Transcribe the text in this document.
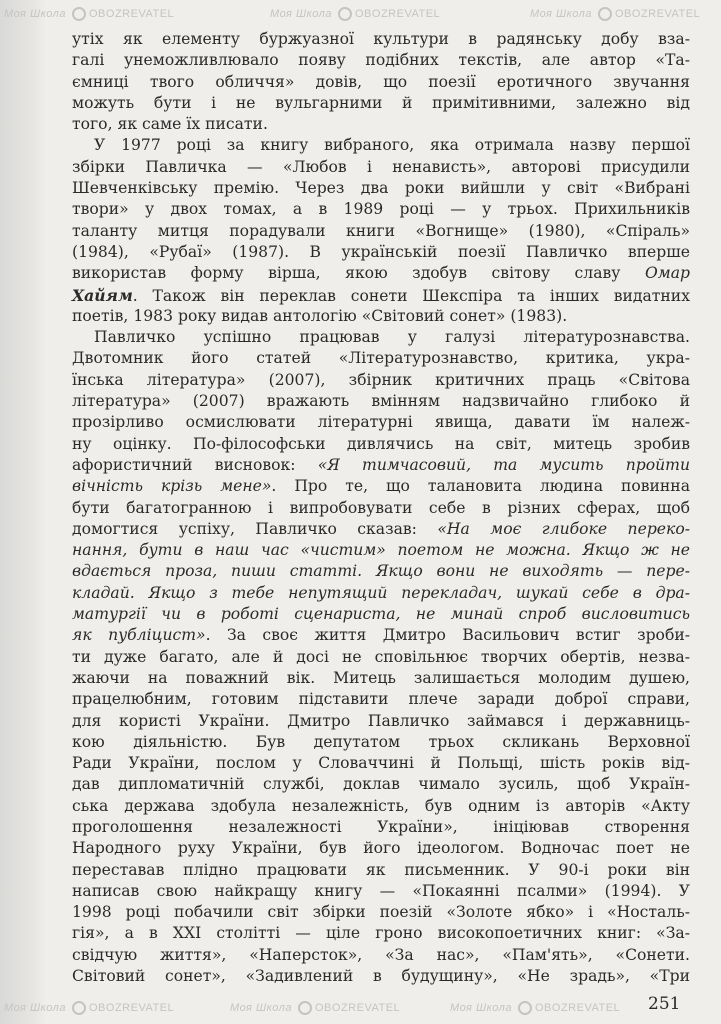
Моя Школа OBOZREVATEL	Моя Школа OBOZREVATEL	Моя Школа OBOZREVATEL
Моя Школа OBOZREVATEL	Моя Школа OBOZREVATEL	Моя Школа OBOZREVATEL
утіх як елементу буржуазної культури в радянську добу вза-
галі унеможливлювало появу подібних текстів, але автор «Та-
ємниці твого обличчя» довів, що поезії еротичного звучання
можуть бути і не вульгарними й примітивними, залежно від
того, як саме їх писати.
У 1977 році за книгу вибраного, яка отримала назву першої
збірки Павличка — «Любов і ненависть», авторові присудили
Шевченківську премію. Через два роки вийшли у світ «Вибрані
твори» у двох томах, а в 1989 році — у трьох. Прихильників
таланту митця порадували книги «Вогнище» (1980), «Спіраль»
(1984), «Рубаї» (1987). В українській поезії Павличко вперше
використав форму вірша, якою здобув світову славу Омар
Хайям. Також він переклав сонети Шекспіра та інших видатних
поетів, 1983 року видав антологію «Світовий сонет» (1983).
Павличко успішно працював у галузі літературознавства.
Двотомник його статей «Літературознавство, критика, укра-
їнська література» (2007), збірник критичних праць «Світова
література» (2007) вражають вмінням надзвичайно глибоко й
прозірливо осмислювати літературні явища, давати їм належ-
ну оцінку. По-філософськи дивлячись на світ, митець зробив
афористичний висновок: «Я тимчасовий, та мусить пройти
вічність крізь мене». Про те, що талановита людина повинна
бути багатогранною і випробовувати себе в різних сферах, щоб
домогтися успіху, Павличко сказав: «На моє глибоке переко-
нання, бути в наш час «чистим» поетом не можна. Якщо ж не
вдається проза, пиши статті. Якщо вони не виходять — пере-
кладай. Якщо з тебе непутящий перекладач, шукай себе в дра-
матургії чи в роботі сценариста, не минай спроб висловитись
як публіцист». За своє життя Дмитро Васильович встиг зроби-
ти дуже багато, але й досі не сповільнює творчих обертів, незва-
жаючи на поважний вік. Митець залишається молодим душею,
працелюбним, готовим підставити плече заради доброї справи,
для користі України. Дмитро Павличко займався і державниць-
кою діяльністю. Був депутатом трьох скликань Верховної
Ради України, послом у Словаччині й Польщі, шість років від-
дав дипломатичній службі, доклав чимало зусиль, щоб Україн-
ська держава здобула незалежність, був одним із авторів «Акту
проголошення незалежності України», ініціював створення
Народного руху України, був його ідеологом. Водночас поет не
переставав плідно працювати як письменник. У 90-і роки він
написав свою найкращу книгу — «Покаянні псалми» (1994). У
1998 році побачили світ збірки поезій «Золоте ябко» і «Носталь-
гія», а в XXI столітті — ціле гроно високопоетичних книг: «За-
свідчую життя», «Наперсток», «За нас», «Пам'ять», «Сонети.
Світовий сонет», «Задивлений в будущину», «Не зрадь», «Три
251
